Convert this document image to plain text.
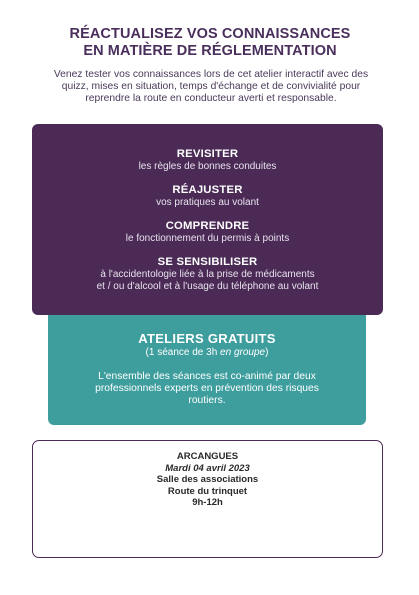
RÉACTUALISEZ VOS CONNAISSANCES
EN MATIÈRE DE RÉGLEMENTATION
Venez tester vos connaissances lors de cet atelier interactif avec des
quizz, mises en situation, temps d'échange et de convivialité pour
reprendre la route en conducteur averti et responsable.
REVISITER
les règles de bonnes conduites
RÉAJUSTER
vos pratiques au volant
COMPRENDRE
le fonctionnement du permis à points
SE SENSIBILISER
à l'accidentologie liée à la prise de médicaments
et / ou d'alcool et à l'usage du téléphone au volant
ATELIERS GRATUITS
(1 séance de 3h en groupe)
L'ensemble des séances est co-animé par deux
professionnels experts en prévention des risques
routiers.
ARCANGUES
Mardi 04 avril 2023
Salle des associations
Route du trinquet
9h-12h
